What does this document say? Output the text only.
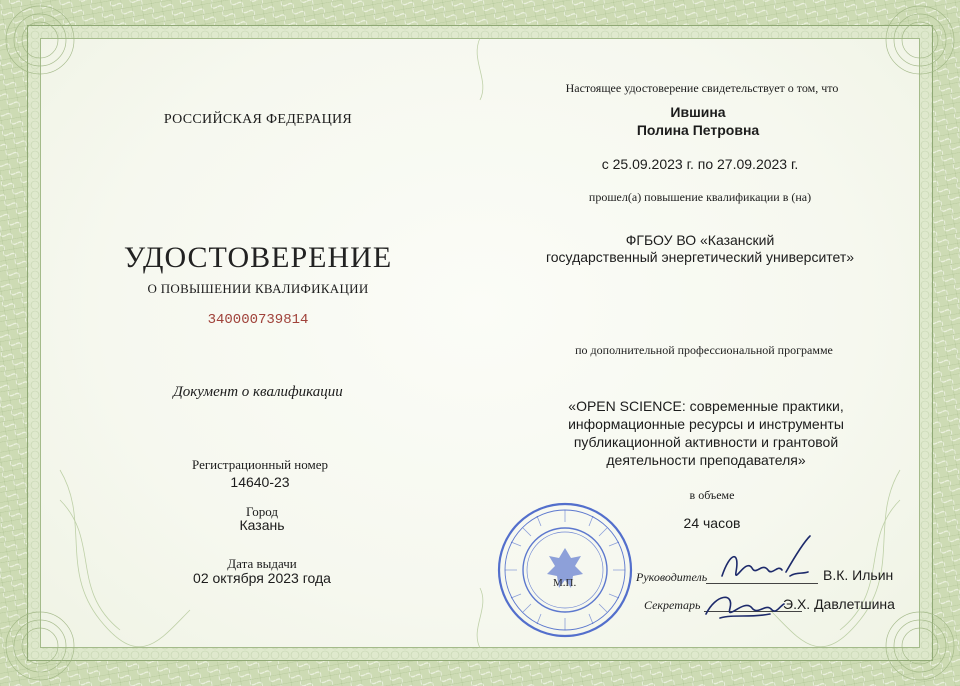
РОССИЙСКАЯ ФЕДЕРАЦИЯ
УДОСТОВЕРЕНИЕ
О ПОВЫШЕНИИ КВАЛИФИКАЦИИ
340000739814
Документ о квалификации
Регистрационный номер
14640-23
Город
Казань
Дата выдачи
02 октября 2023 года
Настоящее удостоверение свидетельствует о том, что
Ившина
Полина Петровна
с 25.09.2023 г. по 27.09.2023 г.
прошел(а) повышение квалификации в (на)
ФГБОУ ВО «Казанский
государственный энергетический университет»
по дополнительной профессиональной программе
«OPEN SCIENCE: современные практики,
информационные ресурсы и инструменты
публикационной активности и грантовой
деятельности преподавателя»
в объеме
24 часов
М.П.	Руководитель	В.К. Ильин
Секретарь	Э.Х. Давлетшина
